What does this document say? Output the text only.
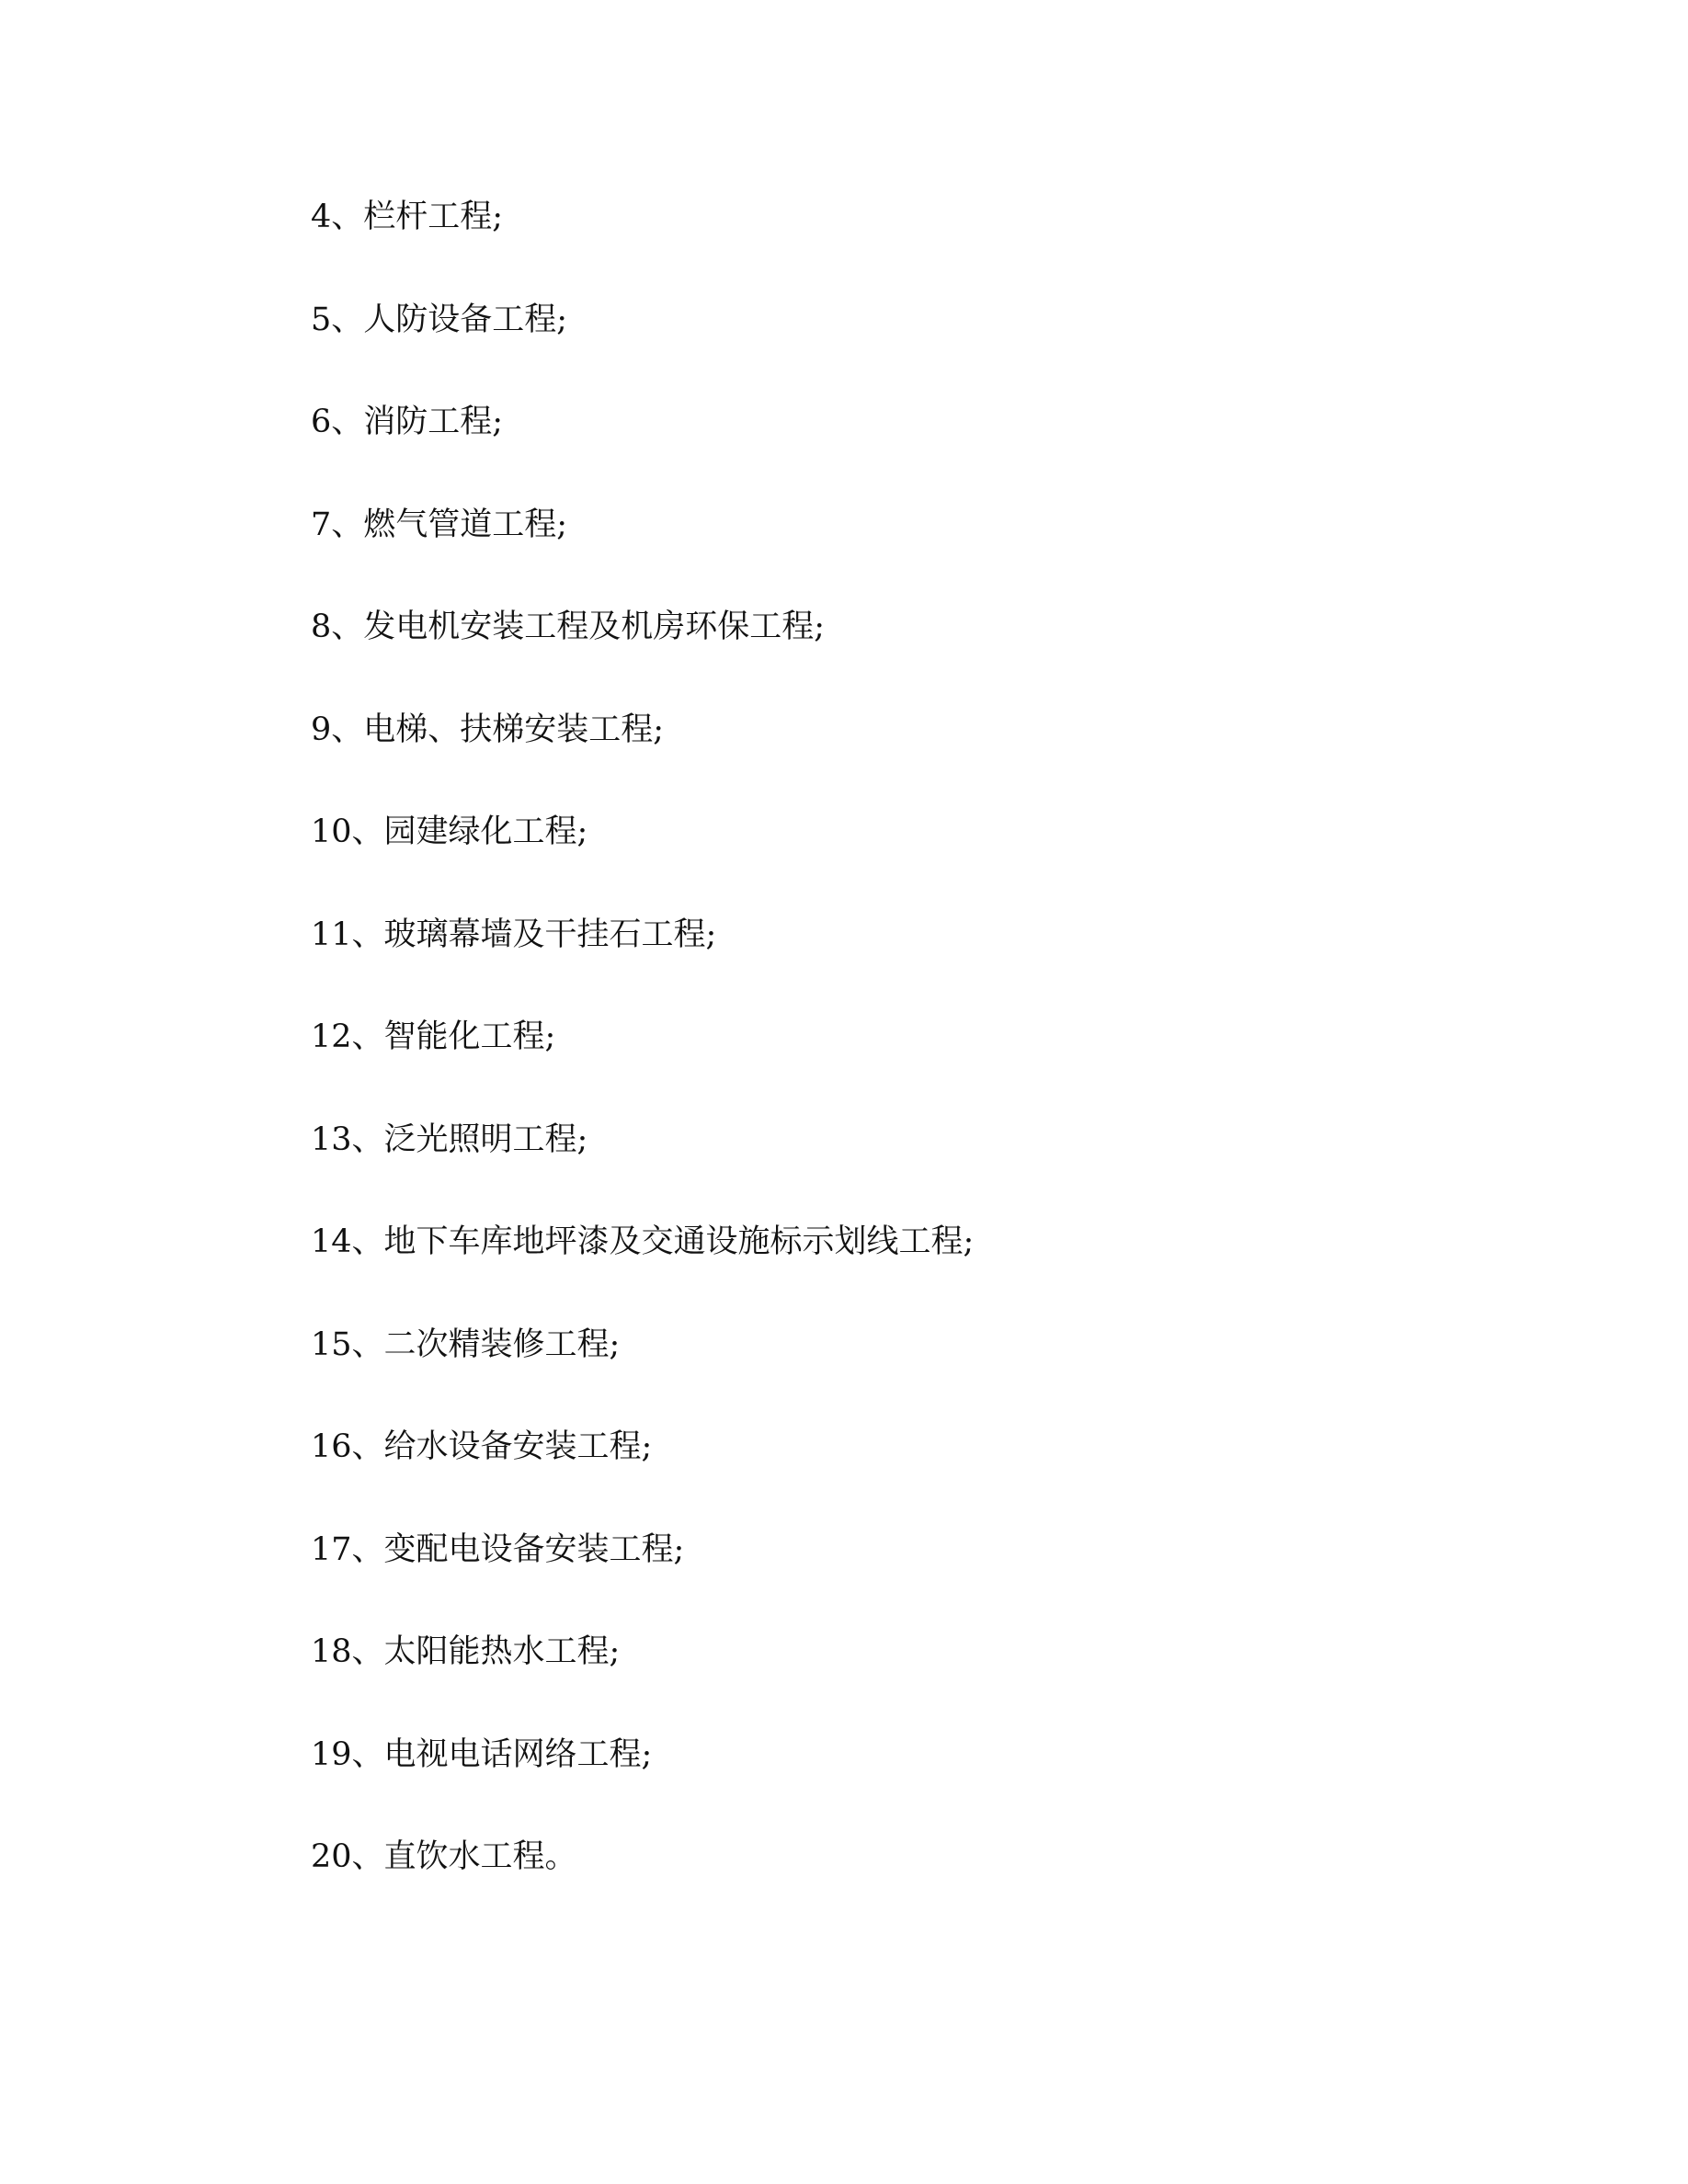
4、栏杆工程;
5、人防设备工程;
6、消防工程;
7、燃气管道工程;
8、发电机安装工程及机房环保工程;
9、电梯、扶梯安装工程;
10、园建绿化工程;
11、玻璃幕墙及干挂石工程;
12、智能化工程;
13、泛光照明工程;
14、地下车库地坪漆及交通设施标示划线工程;
15、二次精装修工程;
16、给水设备安装工程;
17、变配电设备安装工程;
18、太阳能热水工程;
19、电视电话网络工程;
20、直饮水工程。
